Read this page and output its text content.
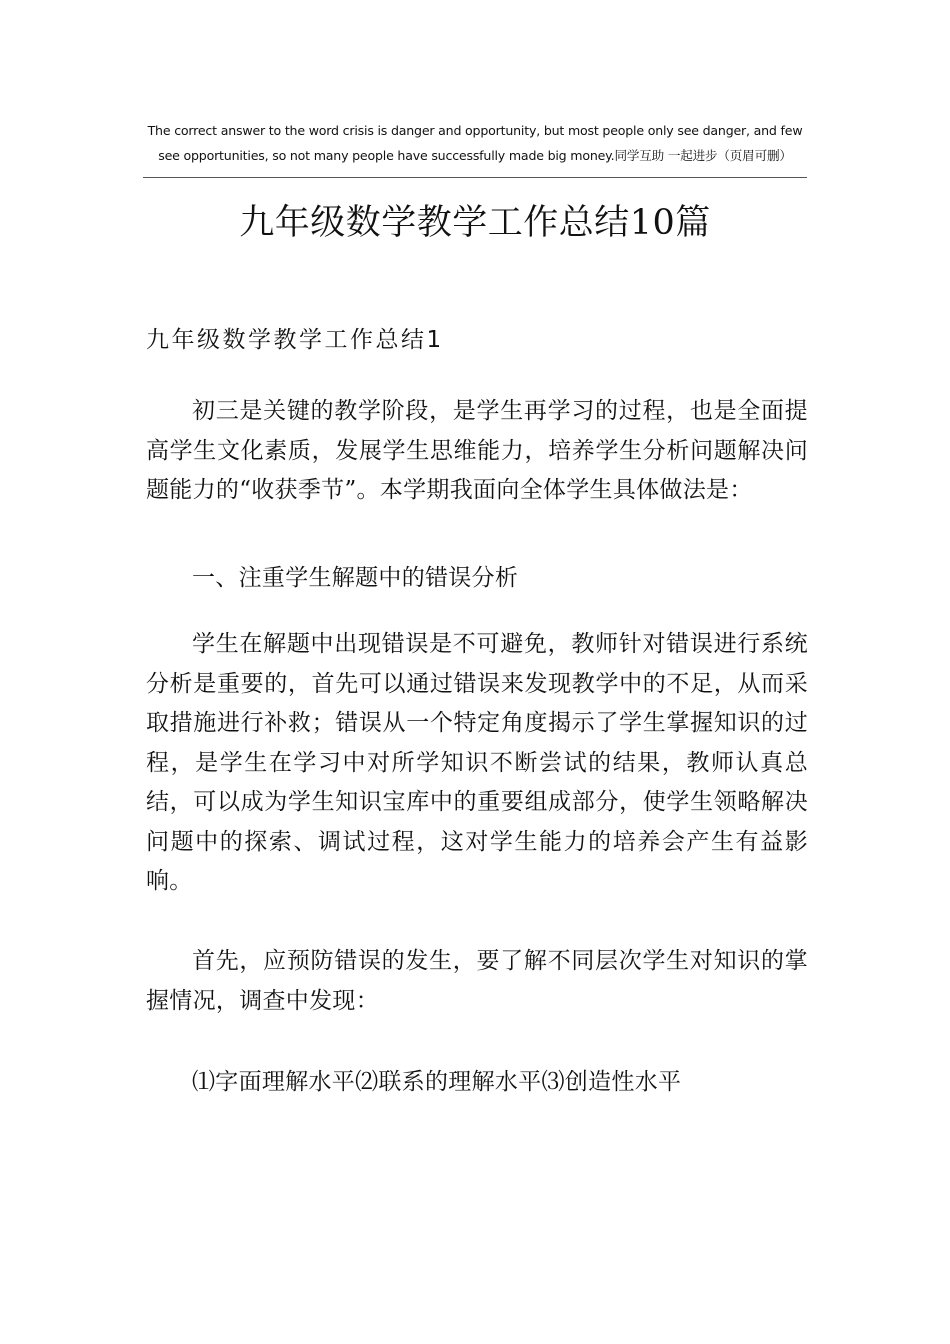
The correct answer to the word crisis is danger and opportunity, but most people only see danger, and few see opportunities, so not many people have successfully made big money.同学互助 一起进步（页眉可删）
九年级数学教学工作总结10篇
九年级数学教学工作总结1

初三是关键的教学阶段，是学生再学习的过程，也是全面提高学生文化素质，发展学生思维能力，培养学生分析问题解决问题能力的“收获季节”。本学期我面向全体学生具体做法是：

一、注重学生解题中的错误分析

学生在解题中出现错误是不可避免，教师针对错误进行系统分析是重要的，首先可以通过错误来发现教学中的不足，从而采取措施进行补救；错误从一个特定角度揭示了学生掌握知识的过程，是学生在学习中对所学知识不断尝试的结果，教师认真总结，可以成为学生知识宝库中的重要组成部分，使学生领略解决问题中的探索、调试过程，这对学生能力的培养会产生有益影响。

首先，应预防错误的发生，要了解不同层次学生对知识的掌握情况，调查中发现：

⑴字面理解水平⑵联系的理解水平⑶创造性水平
